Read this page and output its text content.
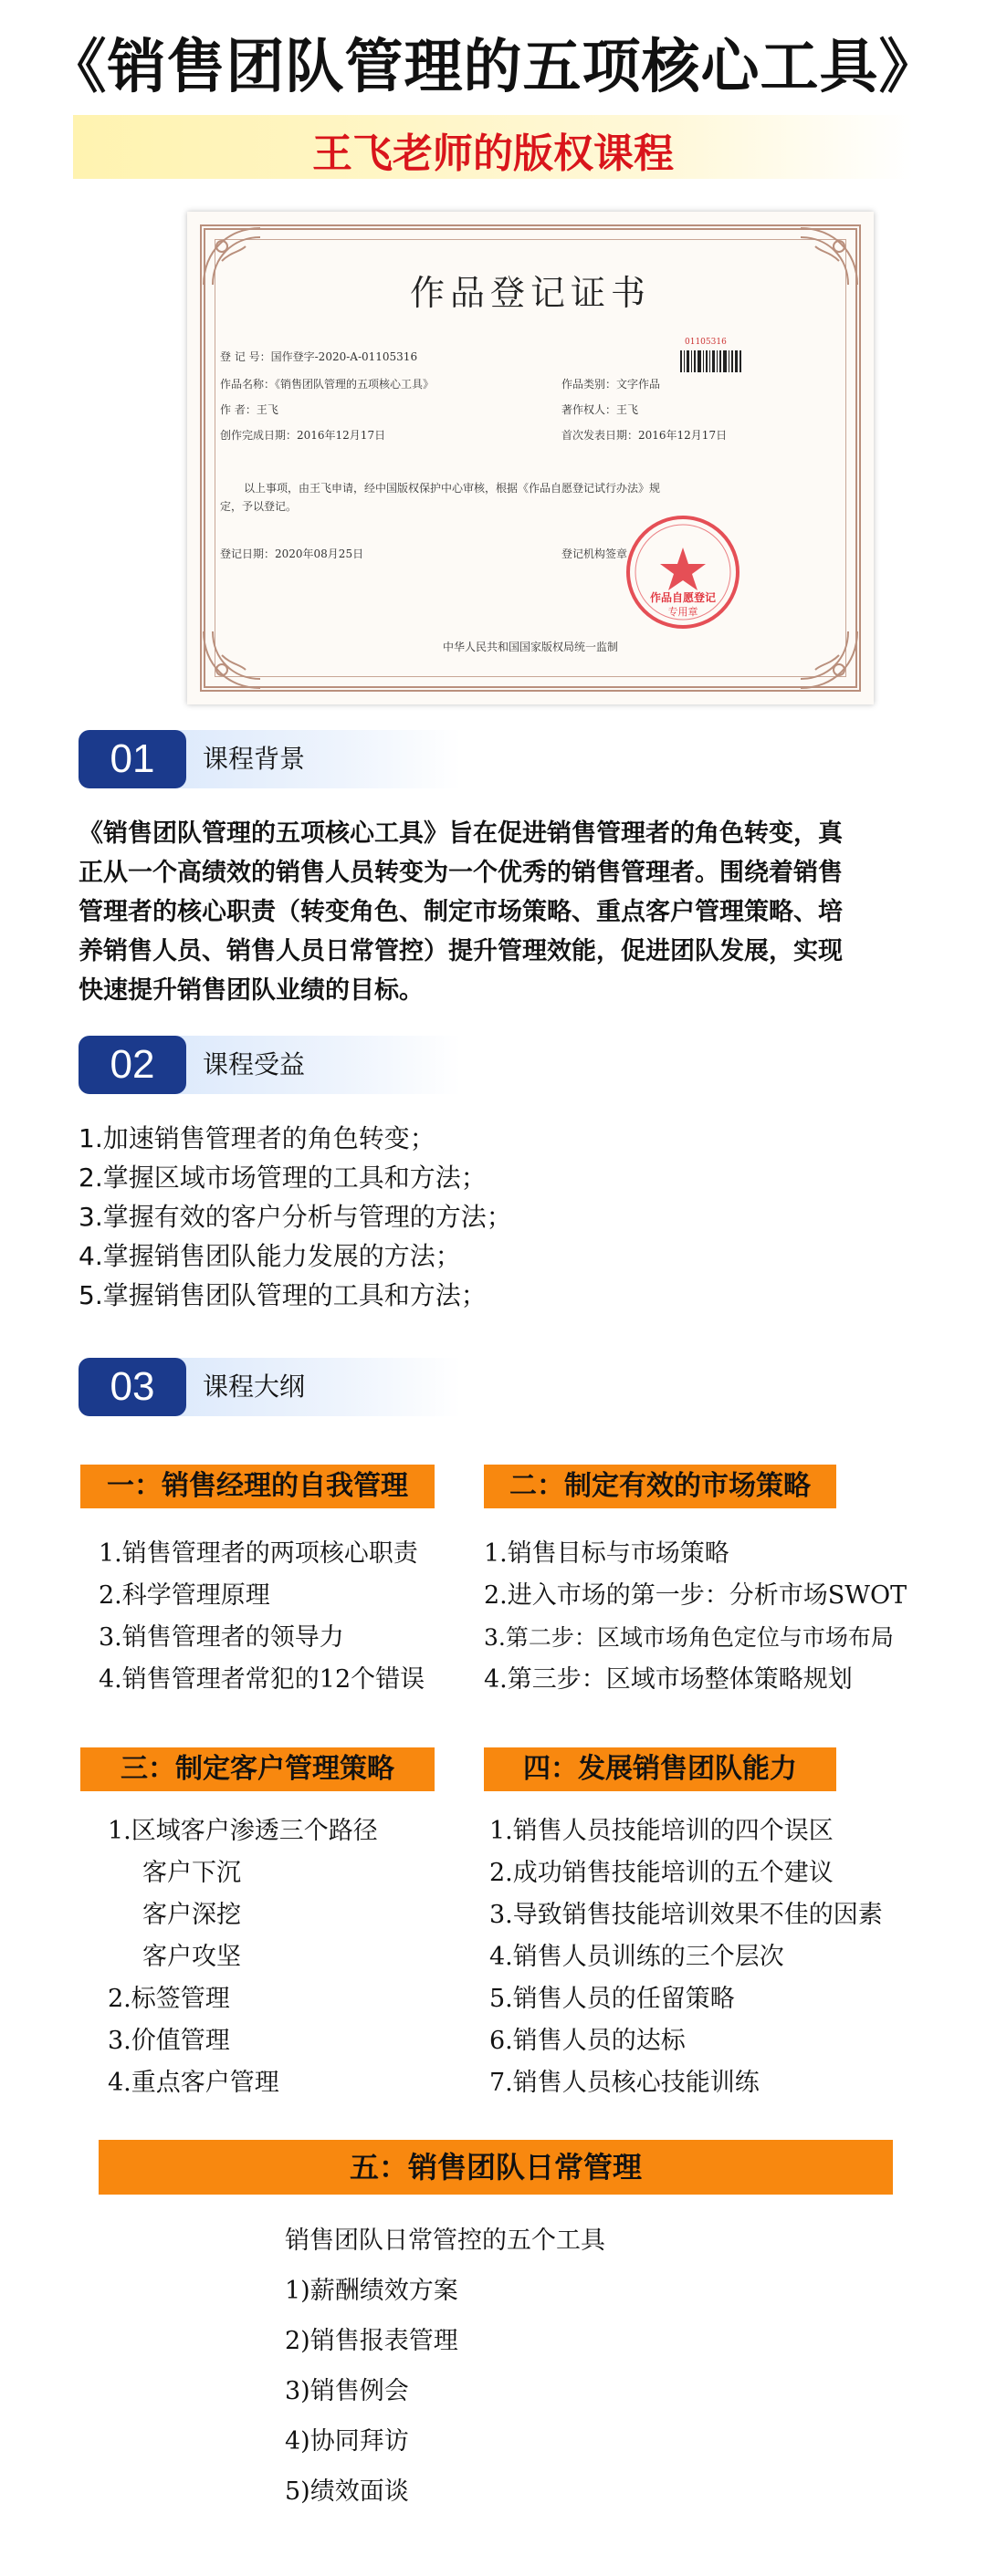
《销售团队管理的五项核心工具》
王飞老师的版权课程
作品登记证书
登 记 号：国作登字-2020-A-01105316
01105316
作品名称：《销售团队管理的五项核心工具》	作品类别：文字作品
作 者：王飞	著作权人：王飞
创作完成日期：2016年12月17日	首次发表日期：2016年12月17日
以上事项，由王飞申请，经中国版权保护中心审核，根据《作品自愿登记试行办法》规
定，予以登记。
登记日期：2020年08月25日	登记机构签章
作品自愿登记
专用章
中华人民共和国国家版权局统一监制
01	课程背景
《销售团队管理的五项核心工具》旨在促进销售管理者的角色转变，真
正从一个高绩效的销售人员转变为一个优秀的销售管理者。围绕着销售
管理者的核心职责（转变角色、制定市场策略、重点客户管理策略、培
养销售人员、销售人员日常管控）提升管理效能，促进团队发展，实现
快速提升销售团队业绩的目标。
02	课程受益
1.加速销售管理者的角色转变；
2.掌握区域市场管理的工具和方法；
3.掌握有效的客户分析与管理的方法；
4.掌握销售团队能力发展的方法；
5.掌握销售团队管理的工具和方法；
03	课程大纲
一：销售经理的自我管理
1.销售管理者的两项核心职责
2.科学管理原理
3.销售管理者的领导力
4.销售管理者常犯的12个错误
二：制定有效的市场策略
1.销售目标与市场策略
2.进入市场的第一步：分析市场SWOT
3.第二步：区域市场角色定位与市场布局
4.第三步：区域市场整体策略规划
三：制定客户管理策略
1.区域客户渗透三个路径
客户下沉
客户深挖
客户攻坚
2.标签管理
3.价值管理
4.重点客户管理
四：发展销售团队能力
1.销售人员技能培训的四个误区
2.成功销售技能培训的五个建议
3.导致销售技能培训效果不佳的因素
4.销售人员训练的三个层次
5.销售人员的任留策略
6.销售人员的达标
7.销售人员核心技能训练
五：销售团队日常管理
销售团队日常管控的五个工具
1)薪酬绩效方案
2)销售报表管理
3)销售例会
4)协同拜访
5)绩效面谈
